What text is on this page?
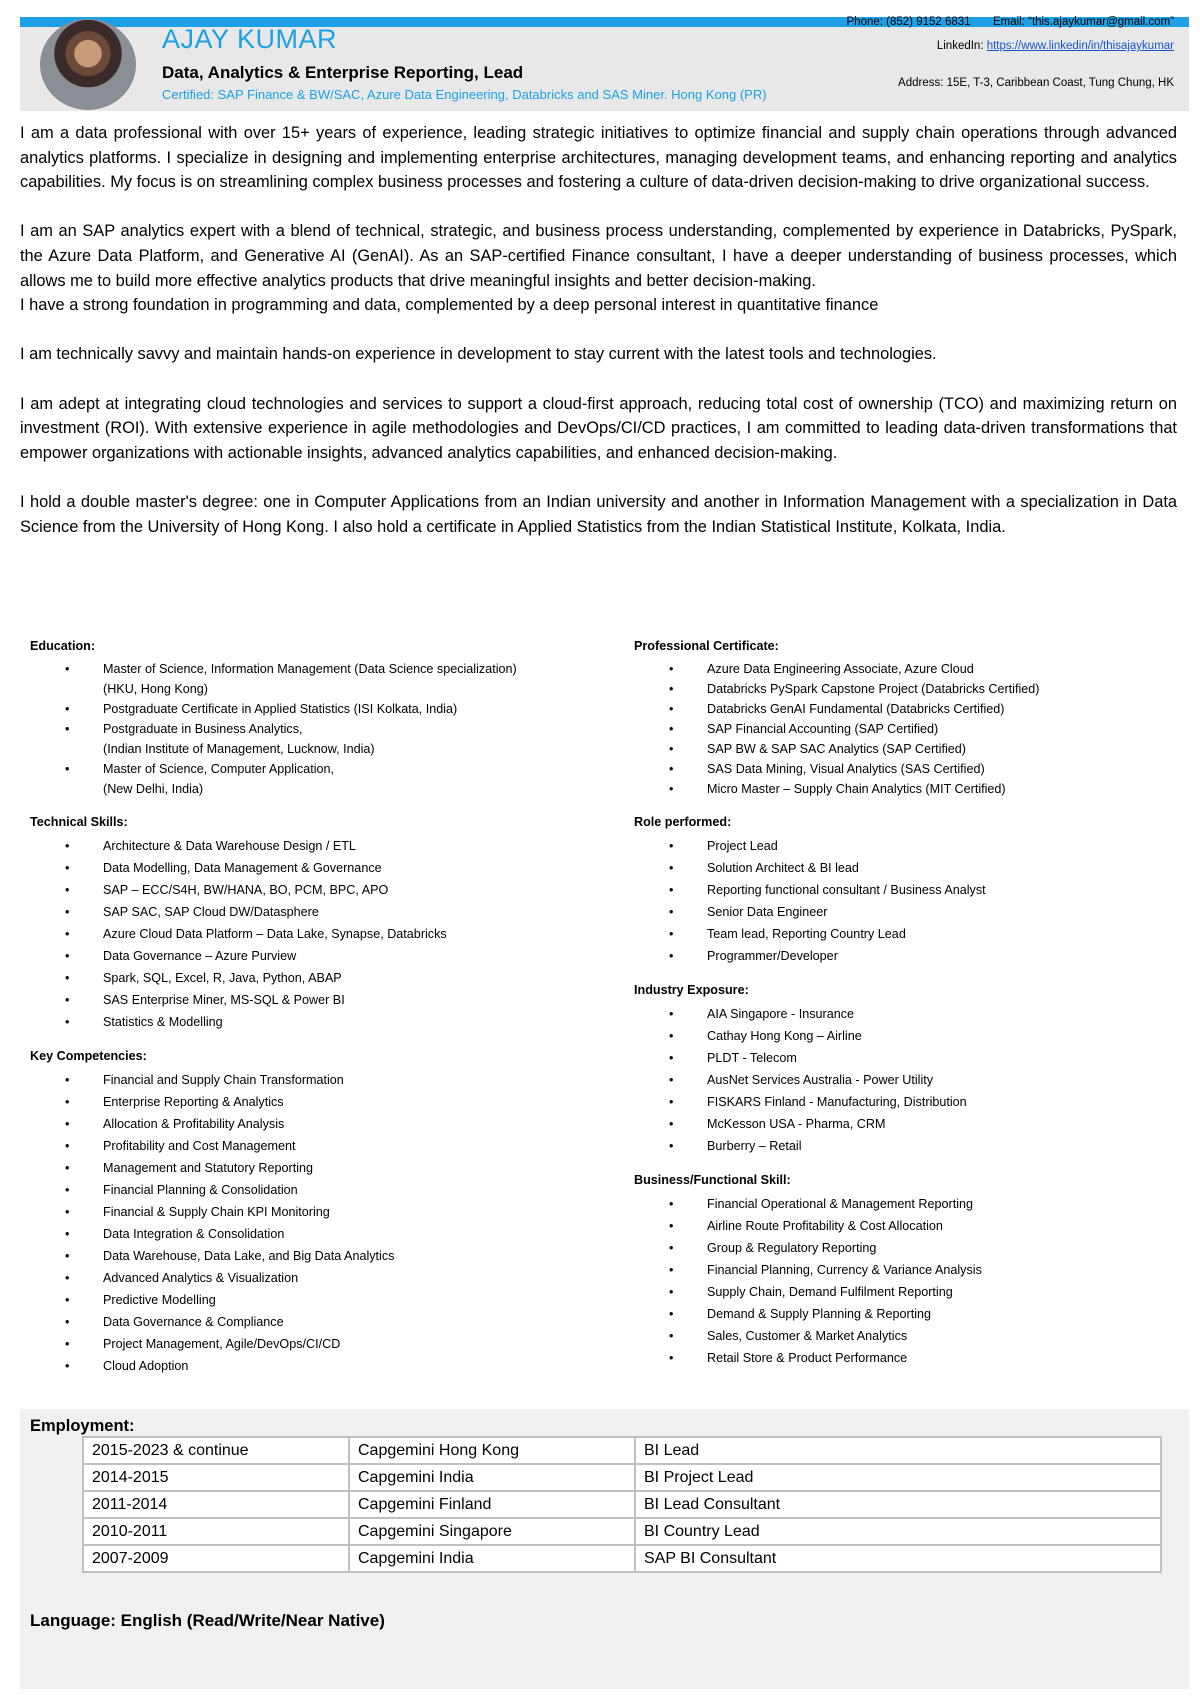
AJAY KUMAR
Data, Analytics & Enterprise Reporting, Lead
Certified: SAP Finance & BW/SAC, Azure Data Engineering, Databricks and SAS Miner. Hong Kong (PR)
Phone: (852) 9152 6831 Email: “this.ajaykumar@gmail.com”
LinkedIn: https://www.linkedin/in/thisajaykumar
Address: 15E, T-3, Caribbean Coast, Tung Chung, HK

I am a data professional with over 15+ years of experience, leading strategic initiatives to optimize financial and supply chain operations through advanced analytics platforms. I specialize in designing and implementing enterprise architectures, managing development teams, and enhancing reporting and analytics capabilities. My focus is on streamlining complex business processes and fostering a culture of data-driven decision-making to drive organizational success.

I am an SAP analytics expert with a blend of technical, strategic, and business process understanding, complemented by experience in Databricks, PySpark, the Azure Data Platform, and Generative AI (GenAI). As an SAP-certified Finance consultant, I have a deeper understanding of business processes, which allows me to build more effective analytics products that drive meaningful insights and better decision-making.

I have a strong foundation in programming and data, complemented by a deep personal interest in quantitative finance

I am technically savvy and maintain hands-on experience in development to stay current with the latest tools and technologies.

I am adept at integrating cloud technologies and services to support a cloud-first approach, reducing total cost of ownership (TCO) and maximizing return on investment (ROI). With extensive experience in agile methodologies and DevOps/CI/CD practices, I am committed to leading data-driven transformations that empower organizations with actionable insights, advanced analytics capabilities, and enhanced decision-making.

I hold a double master's degree: one in Computer Applications from an Indian university and another in Information Management with a specialization in Data Science from the University of Hong Kong. I also hold a certificate in Applied Statistics from the Indian Statistical Institute, Kolkata, India.

Education:
• Master of Science, Information Management (Data Science specialization)
(HKU, Hong Kong)
• Postgraduate Certificate in Applied Statistics (ISI Kolkata, India)
• Postgraduate in Business Analytics,
(Indian Institute of Management, Lucknow, India)
• Master of Science, Computer Application,
(New Delhi, India)
Technical Skills:
• Architecture & Data Warehouse Design / ETL
• Data Modelling, Data Management & Governance
• SAP – ECC/S4H, BW/HANA, BO, PCM, BPC, APO
• SAP SAC, SAP Cloud DW/Datasphere
• Azure Cloud Data Platform – Data Lake, Synapse, Databricks
• Data Governance – Azure Purview
• Spark, SQL, Excel, R, Java, Python, ABAP
• SAS Enterprise Miner, MS-SQL & Power BI
• Statistics & Modelling
Key Competencies:
• Financial and Supply Chain Transformation
• Enterprise Reporting & Analytics
• Allocation & Profitability Analysis
• Profitability and Cost Management
• Management and Statutory Reporting
• Financial Planning & Consolidation
• Financial & Supply Chain KPI Monitoring
• Data Integration & Consolidation
• Data Warehouse, Data Lake, and Big Data Analytics
• Advanced Analytics & Visualization
• Predictive Modelling
• Data Governance & Compliance
• Project Management, Agile/DevOps/CI/CD
• Cloud Adoption
Professional Certificate:
• Azure Data Engineering Associate, Azure Cloud
• Databricks PySpark Capstone Project (Databricks Certified)
• Databricks GenAI Fundamental (Databricks Certified)
• SAP Financial Accounting (SAP Certified)
• SAP BW & SAP SAC Analytics (SAP Certified)
• SAS Data Mining, Visual Analytics (SAS Certified)
• Micro Master – Supply Chain Analytics (MIT Certified)
Role performed:
• Project Lead
• Solution Architect & BI lead
• Reporting functional consultant / Business Analyst
• Senior Data Engineer
• Team lead, Reporting Country Lead
• Programmer/Developer
Industry Exposure:
• AIA Singapore - Insurance
• Cathay Hong Kong – Airline
• PLDT - Telecom
• AusNet Services Australia - Power Utility
• FISKARS Finland - Manufacturing, Distribution
• McKesson USA - Pharma, CRM
• Burberry – Retail
Business/Functional Skill:
• Financial Operational & Management Reporting
• Airline Route Profitability & Cost Allocation
• Group & Regulatory Reporting
• Financial Planning, Currency & Variance Analysis
• Supply Chain, Demand Fulfilment Reporting
• Demand & Supply Planning & Reporting
• Sales, Customer & Market Analytics
• Retail Store & Product Performance
Employment:
2015-2023 & continue	Capgemini Hong Kong	BI Lead
2014-2015	Capgemini India	BI Project Lead
2011-2014	Capgemini Finland	BI Lead Consultant
2010-2011	Capgemini Singapore	BI Country Lead
2007-2009	Capgemini India	SAP BI Consultant
Language: English (Read/Write/Near Native)
